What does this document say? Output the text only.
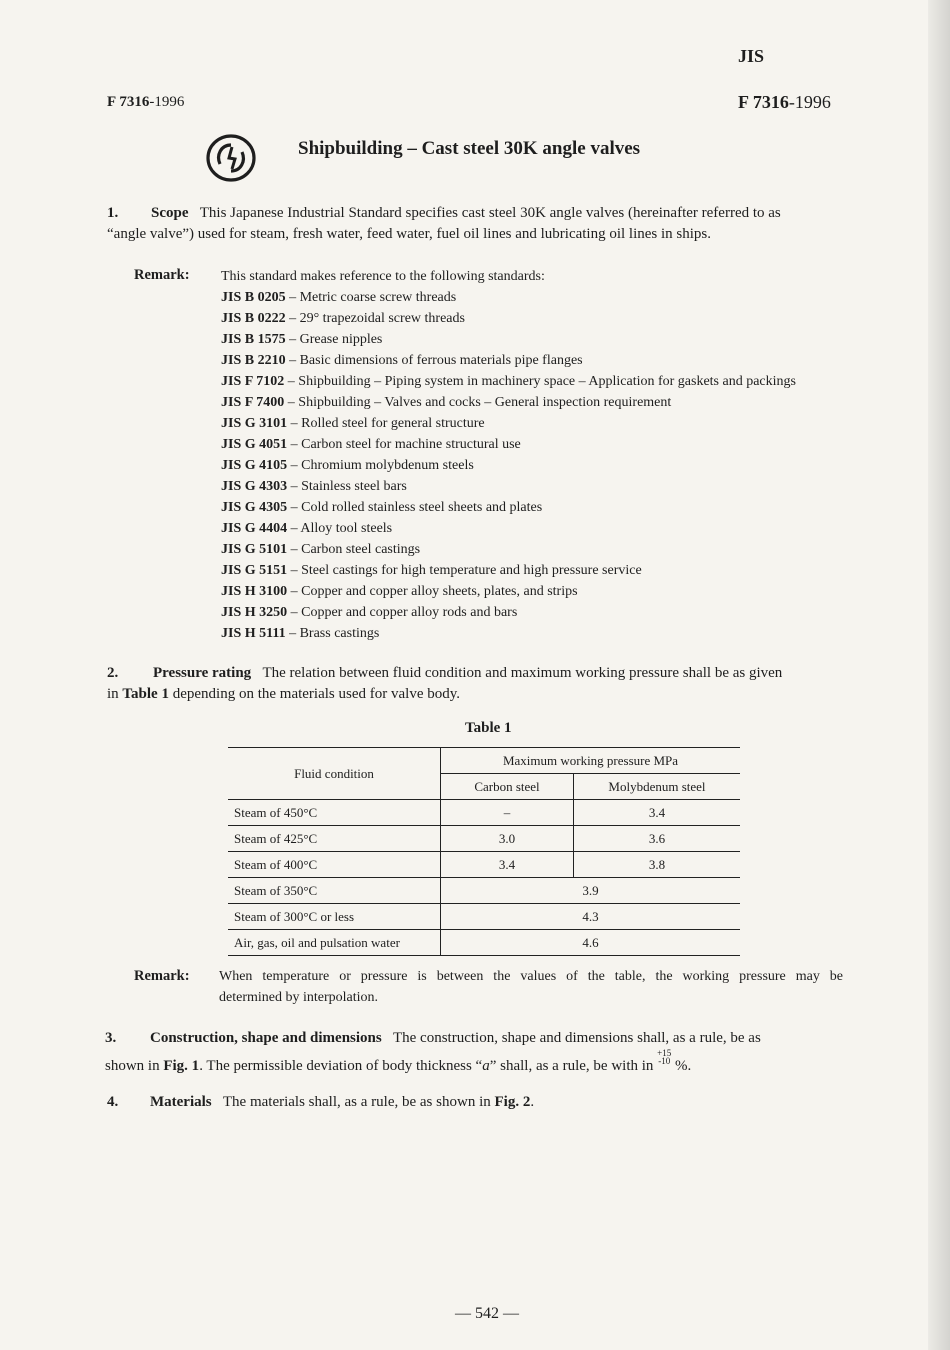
JIS
F 7316-1996	F 7316-1996
Shipbuilding – Cast steel 30K angle valves
1. Scope This Japanese Industrial Standard specifies cast steel 30K angle valves (hereinafter referred to as
“angle valve”) used for steam, fresh water, feed water, fuel oil lines and lubricating oil lines in ships.
Remark: This standard makes reference to the following standards:
JIS B 0205 – Metric coarse screw threads
JIS B 0222 – 29° trapezoidal screw threads
JIS B 1575 – Grease nipples
JIS B 2210 – Basic dimensions of ferrous materials pipe flanges
JIS F 7102 – Shipbuilding – Piping system in machinery space – Application for gaskets and packings
JIS F 7400 – Shipbuilding – Valves and cocks – General inspection requirement
JIS G 3101 – Rolled steel for general structure
JIS G 4051 – Carbon steel for machine structural use
JIS G 4105 – Chromium molybdenum steels
JIS G 4303 – Stainless steel bars
JIS G 4305 – Cold rolled stainless steel sheets and plates
JIS G 4404 – Alloy tool steels
JIS G 5101 – Carbon steel castings
JIS G 5151 – Steel castings for high temperature and high pressure service
JIS H 3100 – Copper and copper alloy sheets, plates, and strips
JIS H 3250 – Copper and copper alloy rods and bars
JIS H 5111 – Brass castings
2. Pressure rating The relation between fluid condition and maximum working pressure shall be as given
in Table 1 depending on the materials used for valve body.
Table 1
Fluid condition	Maximum working pressure MPa	
	Carbon steel	Molybdenum steel
Steam of 450°C	–	3.4
Steam of 425°C	3.0	3.6
Steam of 400°C	3.4	3.8
Steam of 350°C	3.9	
Steam of 300°C or less	4.3	
Air, gas, oil and pulsation water	4.6	
Remark: When temperature or pressure is between the values of the table, the working pressure may be
determined by interpolation.
3. Construction, shape and dimensions The construction, shape and dimensions shall, as a rule, be as
shown in Fig. 1. The permissible deviation of body thickness “a” shall, as a rule, be with in $^{+15 -10}$ %.
4. Materials The materials shall, as a rule, be as shown in Fig. 2.
— 542 —
